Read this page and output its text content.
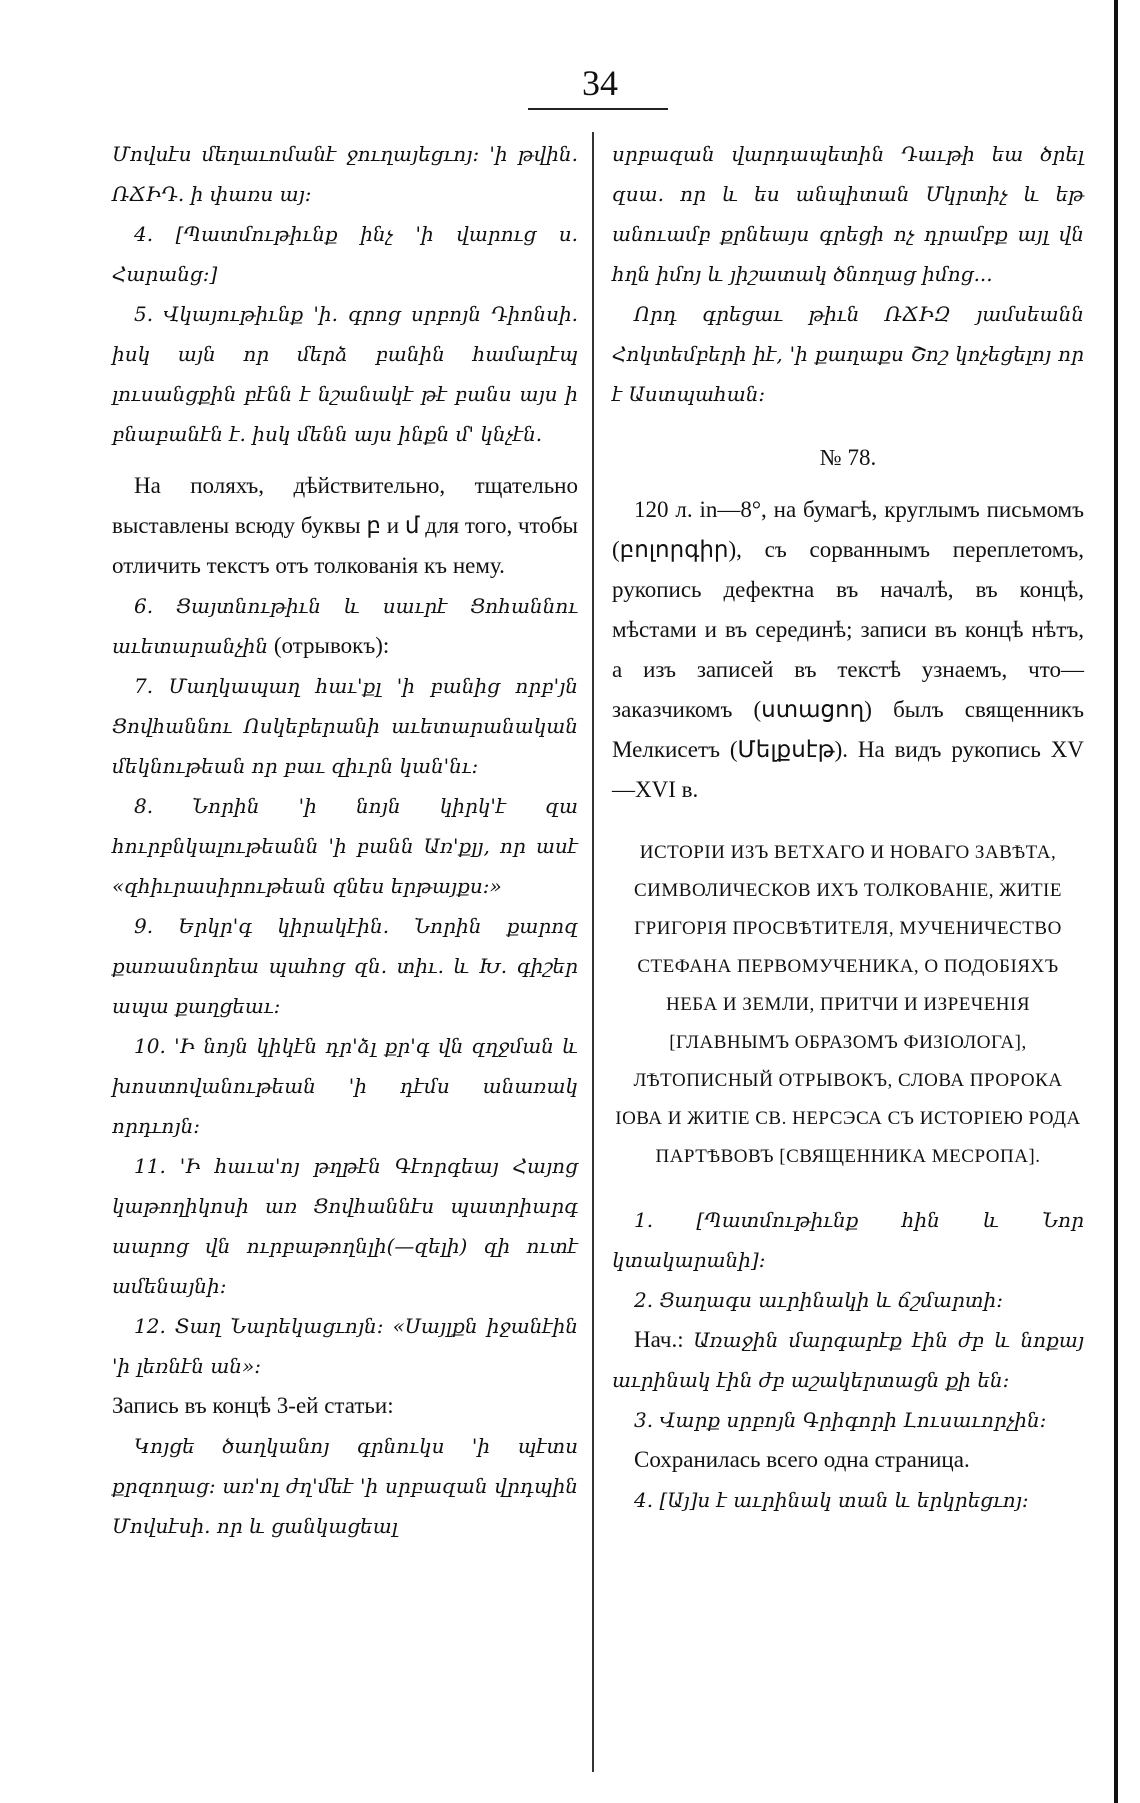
34

Մովսէս մեղաւոմանէ ջուղայեցւոյ: 'ի թվին. ՌՃԻԴ. ի փառս այ:

4. [Պատմութիւնք ինչ 'ի վարուց ս. Հարանց:]

5. Վկայութիւնք 'ի. գրոց սրբոյն Դիոնսի. իսկ այն որ մերձ բանին համարէպ լուսանցքին բէնն է նշանակէ թէ բանս այս ի բնաբանէն է. իսկ մենն այս ինքն մ' կնչէն.

На поляхъ, дѣйствительно, тщательно выставлены всюду буквы բ и մ для того, чтобы отличить текстъ отъ толкованія къ нему.

6. Ցայտնութիւն և սաւրէ Ցոհաննու աւետարանչին (отрывокъ):

7. Մաղկապաղ հաւ'քլ 'ի բանից որբ'յն Ցովհաննու Ոսկեբերանի աւետարանական մեկնութեան որ բաւ զիւրն կան'նւ:

8. Նորին 'ի նոյն կիրկ'է զա հուրբնկալութեանն 'ի բանն Առ'քլյ, որ ասէ «զհիւրասիրութեան զնես երթայքս:»

9. Երկր'գ կիրակէին. Նորին քարոզ քառասնորեա պահոց զն. տիւ. և Խ. գիշեր ապա քաղցեաւ:

10. 'Ի նոյն կիկէն դր'ձլ քր'գ վն զղջման և խոստովանութեան 'ի դէմս անառակ որդւոյն:

11. 'Ի հաւա'ոյ թղթէն Գէորգեայ Հայոց կաթողիկոսի առ Ցովհաննէս պատրիարգ աարոց վն ուրբաթողնլի(—զելի) զի ուտէ ամենայնի:

12. Տաղ Նարեկացւոյն: «Սայլքն իջանէին 'ի լեռնէն ան»:

Запись въ концѣ 3-ей статьи:

Կոյցե ծաղկանոյ գրնուկս 'ի պէտս քրզողաց: առ'ոլ ժղ'մեէ 'ի սրբազան վրդպին Մովսէսի. որ և ցանկացեալ

սրբազան վարդապետին Դաւթի եա ծրել զսա. որ և ես անպիտան Մկրտիչ և եթ անուամբ քրնեայս գրեցի ոչ դրամբք այլ վն հղն իմոյ և յիշատակ ծնողաց իմոց...

Որդ գրեցաւ թիւն ՌՃԻԶ յամսեանն Հոկտեմբերի իէ, 'ի քաղաքս Շոշ կոչեցելոյ որ է Աստպահան:

№ 78.

120 л. in—8°, на бумагѣ, круглымъ письмомъ (բոլորգիր), съ сорваннымъ переплетомъ, рукопись дефектна въ началѣ, въ концѣ, мѣстами и въ серединѣ; записи въ концѣ нѣтъ, а изъ записей въ текстѣ узнаемъ, что—заказчикомъ (ստացող) былъ священникъ Мелкисетъ (Մելքսէթ). На видъ рукопись XV—XVI в.

ИСТОРІИ ИЗЪ ВЕТХАГО И НОВАГО ЗАВѢТА, СИМВОЛИЧЕСКОВ ИХЪ ТОЛКОВАНІЕ, ЖИТІЕ ГРИГОРІЯ ПРОСВѢТИТЕЛЯ, МУЧЕНИЧЕСТВО СТЕФАНА ПЕРВОМУЧЕНИКА, О ПОДОБІЯХЪ НЕБА И ЗЕМЛИ, ПРИТЧИ И ИЗРЕЧЕНІЯ [ГЛАВНЫМЪ ОБРАЗОМЪ ФИЗІОЛОГА], ЛѢТОПИСНЫЙ ОТРЫВОКЪ, СЛОВА ПРОРОКА ІОВА И ЖИТІЕ СВ. НЕРСЭСА СЪ ИСТОРІЕЮ РОДА ПАРТѢВОВЪ [СВЯЩЕННИКА МЕСРОПА].

1. [Պատմութիւնք հին և Նոր կտակարանի]:

2. Ցաղագս աւրինակի և ճշմարտի:

Нач.: Առաջին մարգարէք էին ժբ և նոքայ աւրինակ էին ժբ աշակերտացն քի են:

3. Վարք սրբոյն Գրիգորի Լուսաւորչին:

Сохранилась всего одна страница.

4. [Այ]ս է աւրինակ տան և երկրեցւոյ:
